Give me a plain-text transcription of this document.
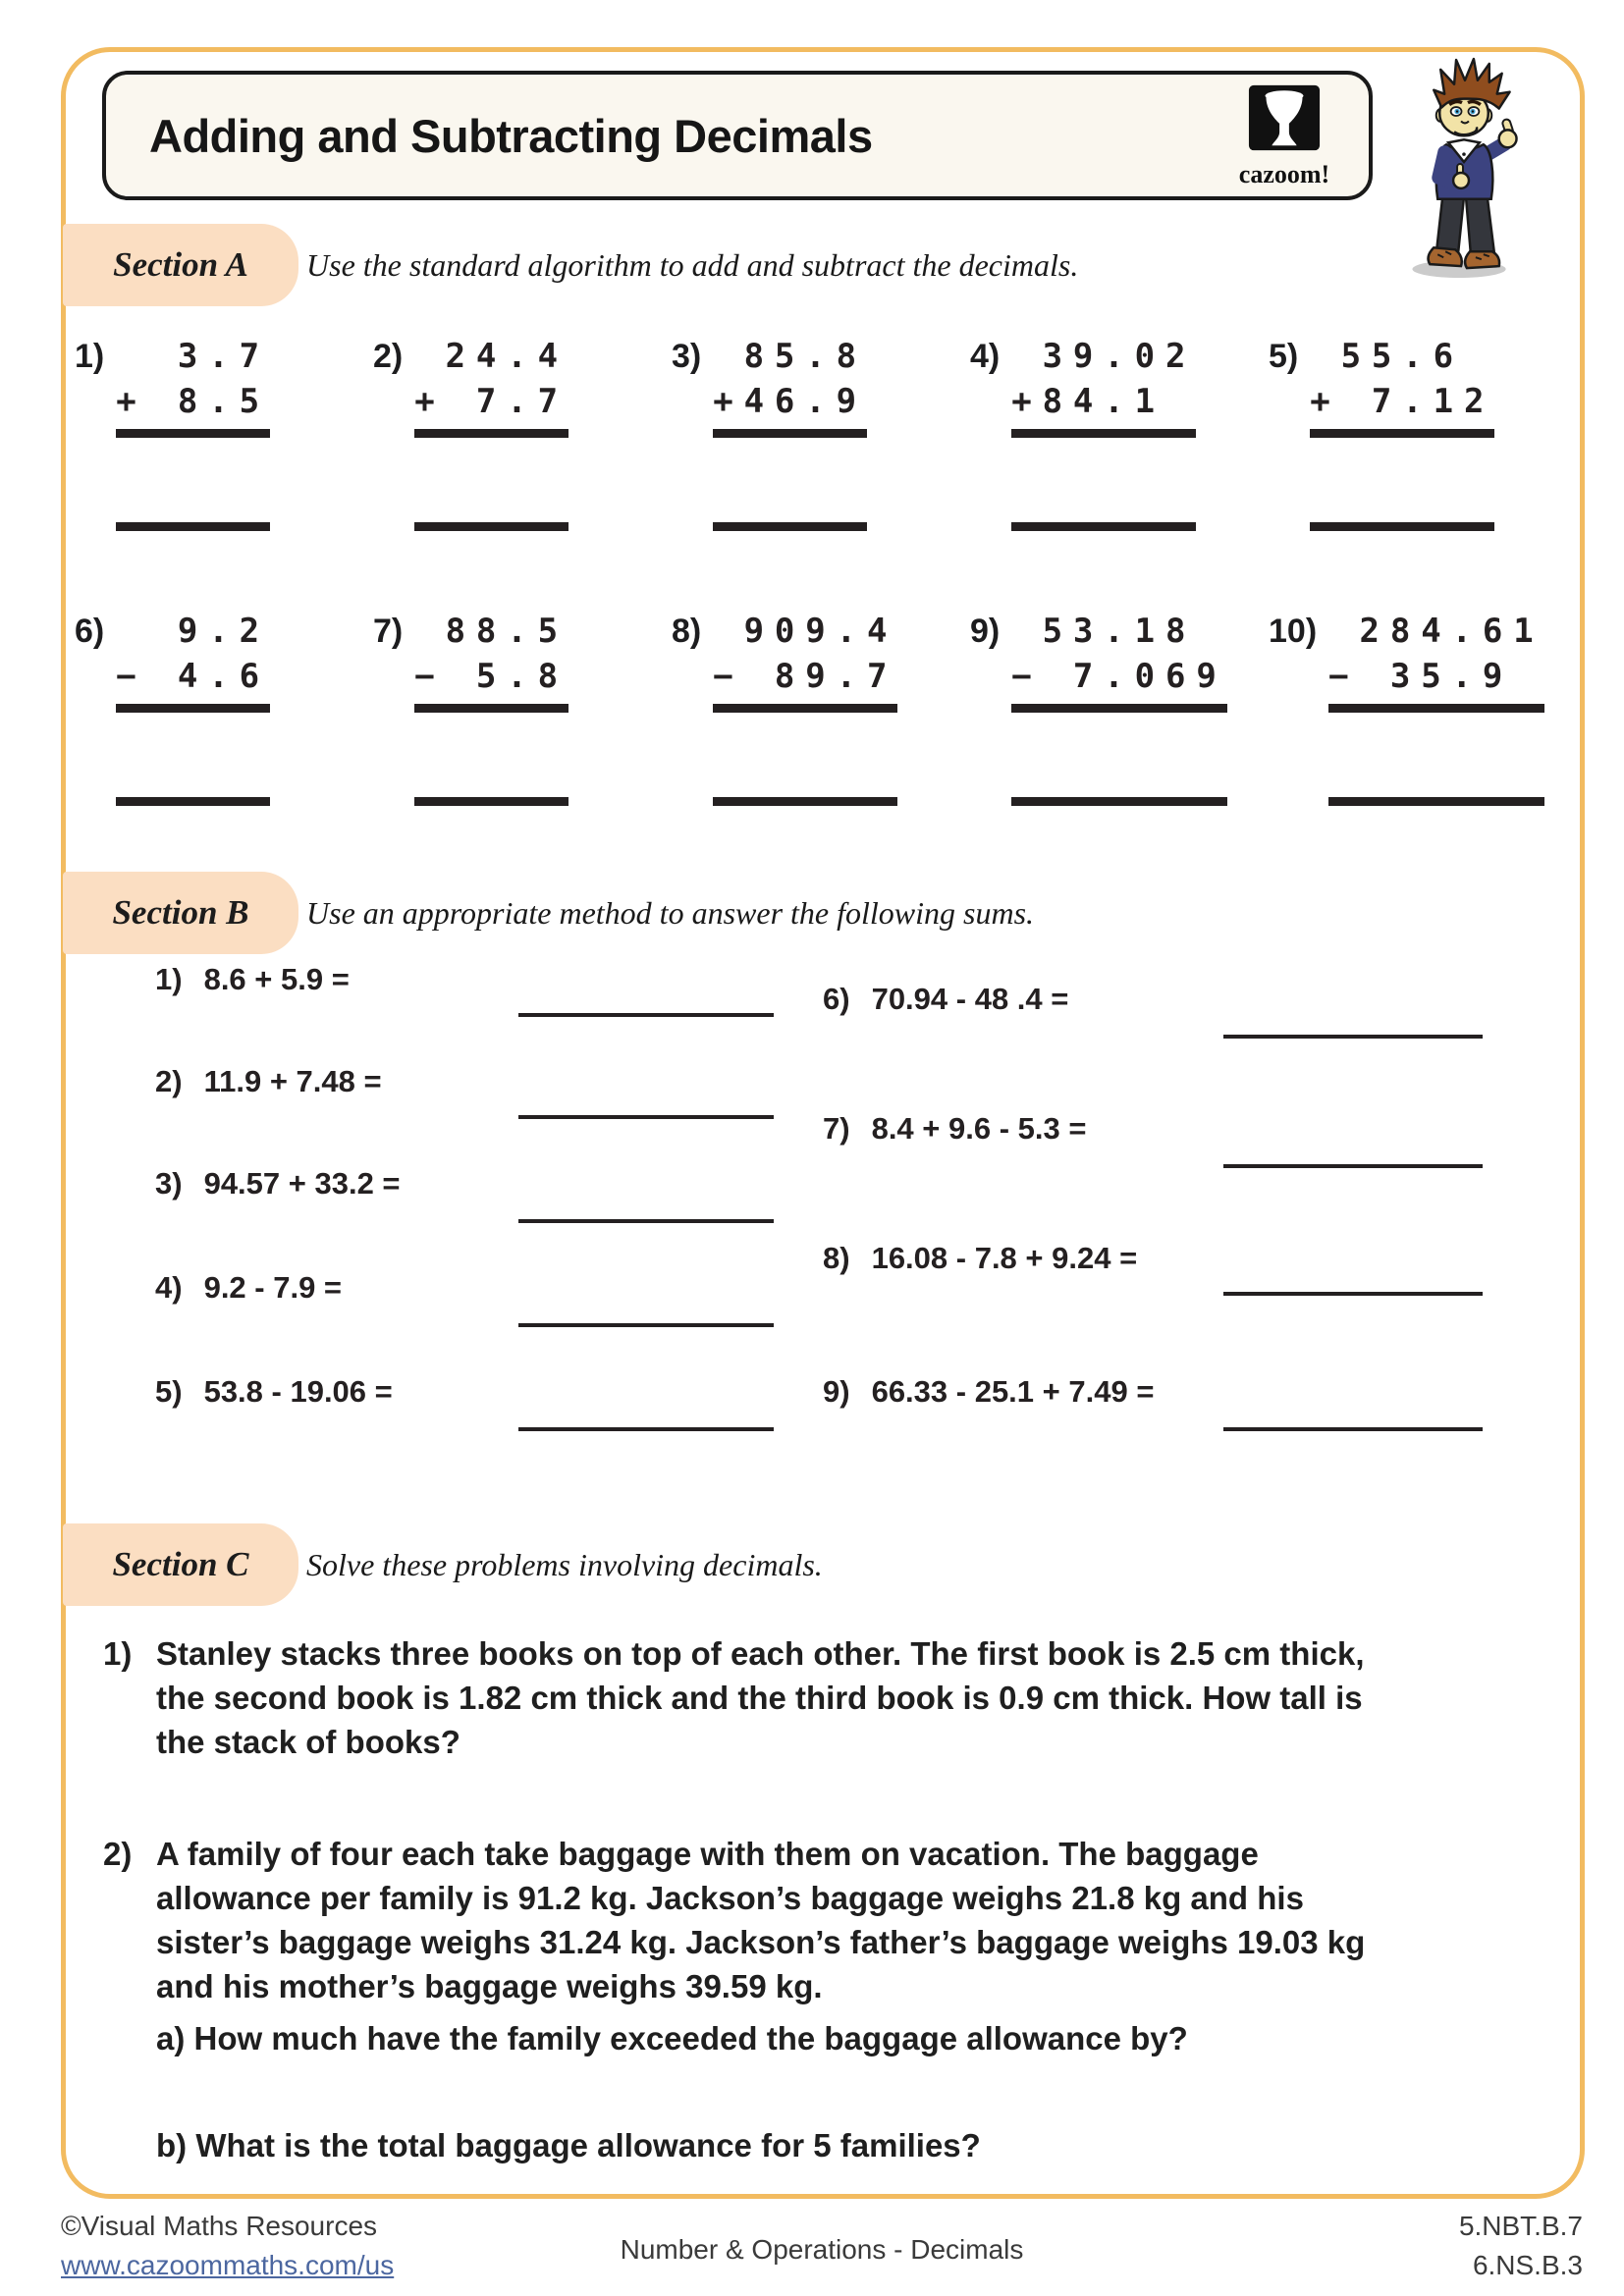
Adding and Subtracting Decimals
cazoom!
Section A	Use the standard algorithm to add and subtract the decimals.
1) 3.7
+ 8.5
2) 24.4
+ 7.7
3) 85.8
+46.9
4) 39.02
+84.1
5) 55.6
+ 7.12
6) 9.2
− 4.6
7) 88.5
− 5.8
8) 909.4
− 89.7
9) 53.18
− 7.069
10) 284.61
− 35.9
Section B	Use an appropriate method to answer the following sums.
1) 8.6 + 5.9 =
2) 11.9 + 7.48 =
3) 94.57 + 33.2 =
4) 9.2 - 7.9 =
5) 53.8 - 19.06 =
6) 70.94 - 48 .4 =
7) 8.4 + 9.6 - 5.3 =
8) 16.08 - 7.8 + 9.24 =
9) 66.33 - 25.1 + 7.49 =
Section C	Solve these problems involving decimals.
1) Stanley stacks three books on top of each other. The first book is 2.5 cm thick,
the second book is 1.82 cm thick and the third book is 0.9 cm thick. How tall is
the stack of books?
2) A family of four each take baggage with them on vacation. The baggage
allowance per family is 91.2 kg. Jackson’s baggage weighs 21.8 kg and his
sister’s baggage weighs 31.24 kg. Jackson’s father’s baggage weighs 19.03 kg
and his mother’s baggage weighs 39.59 kg.
a) How much have the family exceeded the baggage allowance by?
b) What is the total baggage allowance for 5 families?
©Visual Maths Resources
www.cazoommaths.com/us
Number & Operations - Decimals
5.NBT.B.7
6.NS.B.3
